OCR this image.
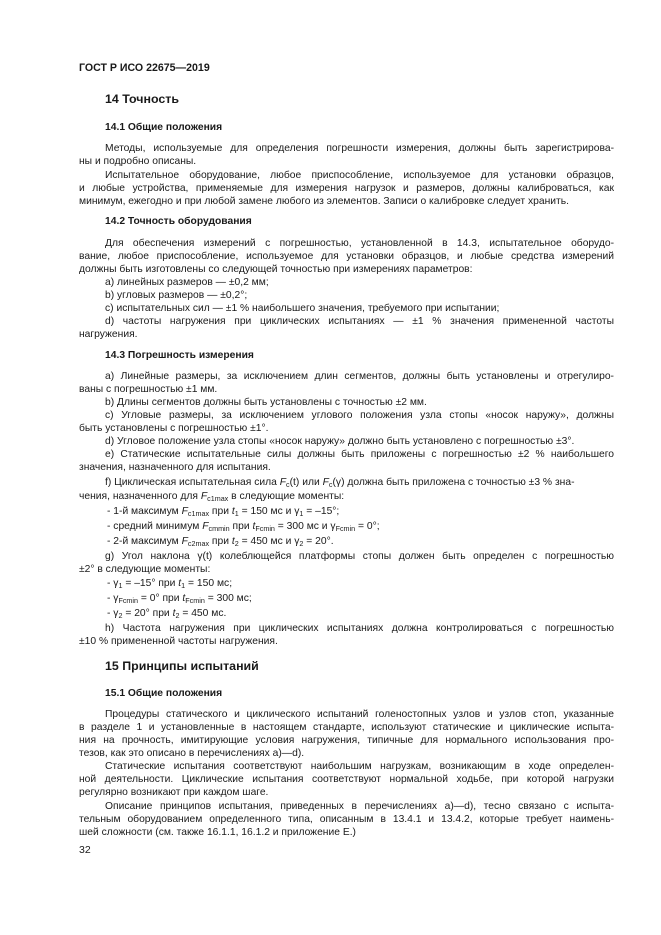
ГОСТ Р ИСО 22675—2019
14 Точность
14.1 Общие положения
Методы, используемые для определения погрешности измерения, должны быть зарегистрирова-
ны и подробно описаны.
Испытательное оборудование, любое приспособление, используемое для установки образцов,
и любые устройства, применяемые для измерения нагрузок и размеров, должны калиброваться, как
минимум, ежегодно и при любой замене любого из элементов. Записи о калибровке следует хранить.
14.2 Точность оборудования
Для обеспечения измерений с погрешностью, установленной в 14.3, испытательное оборудо-
вание, любое приспособление, используемое для установки образцов, и любые средства измерений
должны быть изготовлены со следующей точностью при измерениях параметров:
a) линейных размеров — ±0,2 мм;
b) угловых размеров — ±0,2°;
c) испытательных сил — ±1 % наибольшего значения, требуемого при испытании;
d) частоты нагружения при циклических испытаниях — ±1 % значения примененной частоты
нагружения.
14.3 Погрешность измерения
a) Линейные размеры, за исключением длин сегментов, должны быть установлены и отрегулиро-
ваны с погрешностью ±1 мм.
b) Длины сегментов должны быть установлены с точностью ±2 мм.
c) Угловые размеры, за исключением углового положения узла стопы «носок наружу», должны
быть установлены с погрешностью ±1°.
d) Угловое положение узла стопы «носок наружу» должно быть установлено с погрешностью ±3°.
e) Статические испытательные силы должны быть приложены с погрешностью ±2 % наибольшего
значения, назначенного для испытания.
f) Циклическая испытательная сила $F_c(t)$ или $F_c(\gamma)$ должна быть приложена с точностью ±3 % зна-
чения, назначенного для $F_{c1max}$ в следующие моменты:
- 1-й максимум $F_{c1max}$ при $t_1 = 150$ мс и $\gamma_1 = -15^\circ$;
- средний минимум $F_{cmmin}$ при $t_{Fcmin} = 300$ мс и $\gamma_{Fcmin} = 0^\circ$;
- 2-й максимум $F_{c2max}$ при $t_2 = 450$ мс и $\gamma_2 = 20^\circ$.
g) Угол наклона γ(t) колеблющейся платформы стопы должен быть определен с погрешностью
±2° в следующие моменты:
- $\gamma_1 = -15^\circ$ при $t_1 = 150$ мс;
- $\gamma_{Fcmin} = 0^\circ$ при $t_{Fcmin} = 300$ мс;
- $\gamma_2 = 20^\circ$ при $t_2 = 450$ мс.
h) Частота нагружения при циклических испытаниях должна контролироваться с погрешностью
±10 % примененной частоты нагружения.
15 Принципы испытаний
15.1 Общие положения
Процедуры статического и циклического испытаний голеностопных узлов и узлов стоп, указанные
в разделе 1 и установленные в настоящем стандарте, используют статические и циклические испыта-
ния на прочность, имитирующие условия нагружения, типичные для нормального использования про-
тезов, как это описано в перечислениях а)—d).
Статические испытания соответствуют наибольшим нагрузкам, возникающим в ходе определен-
ной деятельности. Циклические испытания соответствуют нормальной ходьбе, при которой нагрузки
регулярно возникают при каждом шаге.
Описание принципов испытания, приведенных в перечислениях а)—d), тесно связано с испыта-
тельным оборудованием определенного типа, описанным в 13.4.1 и 13.4.2, которые требует наимень-
шей сложности (см. также 16.1.1, 16.1.2 и приложение Е.)
32
